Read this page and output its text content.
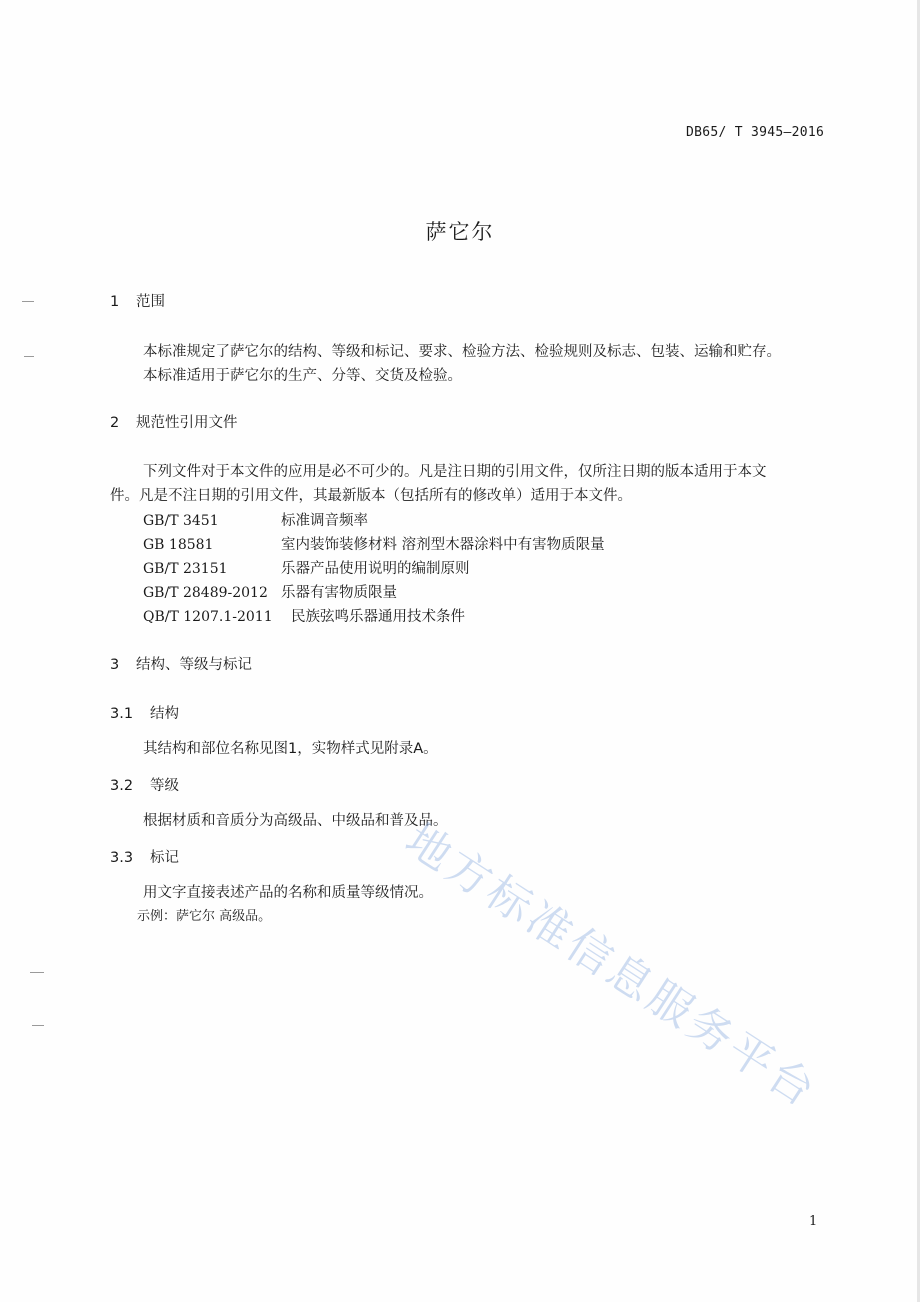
DB65/ T 3945—2016
萨它尔
1 范围
本标准规定了萨它尔的结构、等级和标记、要求、检验方法、检验规则及标志、包装、运输和贮存。
本标准适用于萨它尔的生产、分等、交货及检验。
2 规范性引用文件
下列文件对于本文件的应用是必不可少的。凡是注日期的引用文件，仅所注日期的版本适用于本文
件。凡是不注日期的引用文件，其最新版本（包括所有的修改单）适用于本文件。
GB/T 3451	标准调音频率
GB 18581	室内装饰装修材料 溶剂型木器涂料中有害物质限量
GB/T 23151	乐器产品使用说明的编制原则
GB/T 28489-2012 乐器有害物质限量
QB/T 1207.1-2011 民族弦鸣乐器通用技术条件
3 结构、等级与标记
3.1 结构
其结构和部位名称见图1，实物样式见附录A。
3.2 等级
根据材质和音质分为高级品、中级品和普及品。
3.3 标记
用文字直接表述产品的名称和质量等级情况。
示例：萨它尔 高级品。
1
地方标准信息服务平台
